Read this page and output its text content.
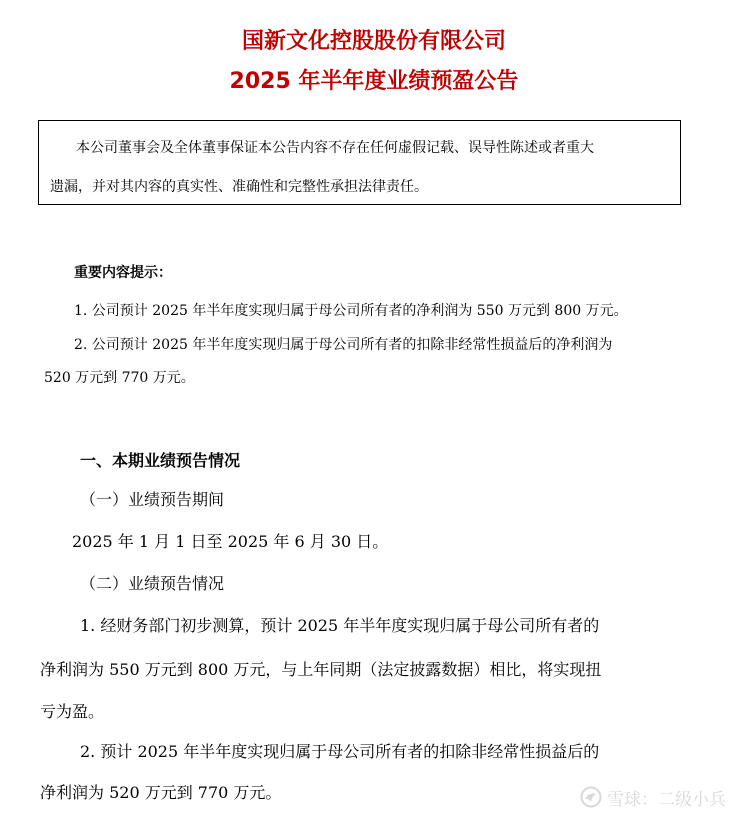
国新文化控股股份有限公司
2025 年半年度业绩预盈公告
本公司董事会及全体董事保证本公告内容不存在任何虚假记载、误导性陈述或者重大
遗漏，并对其内容的真实性、准确性和完整性承担法律责任。
重要内容提示：
1. 公司预计 2025 年半年度实现归属于母公司所有者的净利润为 550 万元到 800 万元。
2. 公司预计 2025 年半年度实现归属于母公司所有者的扣除非经常性损益后的净利润为
520 万元到 770 万元。
一、本期业绩预告情况
（一）业绩预告期间
2025 年 1 月 1 日至 2025 年 6 月 30 日。
（二）业绩预告情况
1. 经财务部门初步测算，预计 2025 年半年度实现归属于母公司所有者的
净利润为 550 万元到 800 万元，与上年同期（法定披露数据）相比，将实现扭
亏为盈。
2. 预计 2025 年半年度实现归属于母公司所有者的扣除非经常性损益后的
净利润为 520 万元到 770 万元。	雪球：二级小兵
